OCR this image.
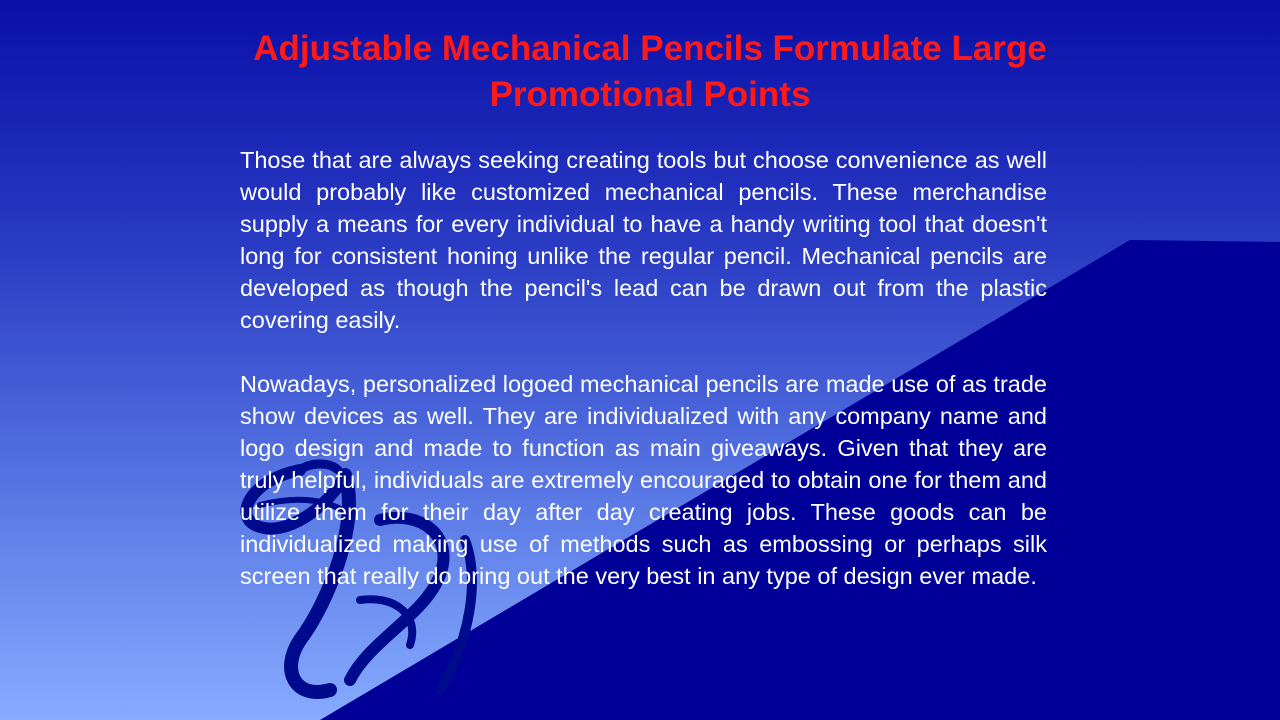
Adjustable Mechanical Pencils Formulate Large Promotional Points

Those that are always seeking creating tools but choose convenience as well would probably like customized mechanical pencils. These merchandise supply a means for every individual to have a handy writing tool that doesn't long for consistent honing unlike the regular pencil. Mechanical pencils are developed as though the pencil's lead can be drawn out from the plastic covering easily.

Nowadays, personalized logoed mechanical pencils are made use of as trade show devices as well. They are individualized with any company name and logo design and made to function as main giveaways. Given that they are truly helpful, individuals are extremely encouraged to obtain one for them and utilize them for their day after day creating jobs. These goods can be individualized making use of methods such as embossing or perhaps silk screen that really do bring out the very best in any type of design ever made.
